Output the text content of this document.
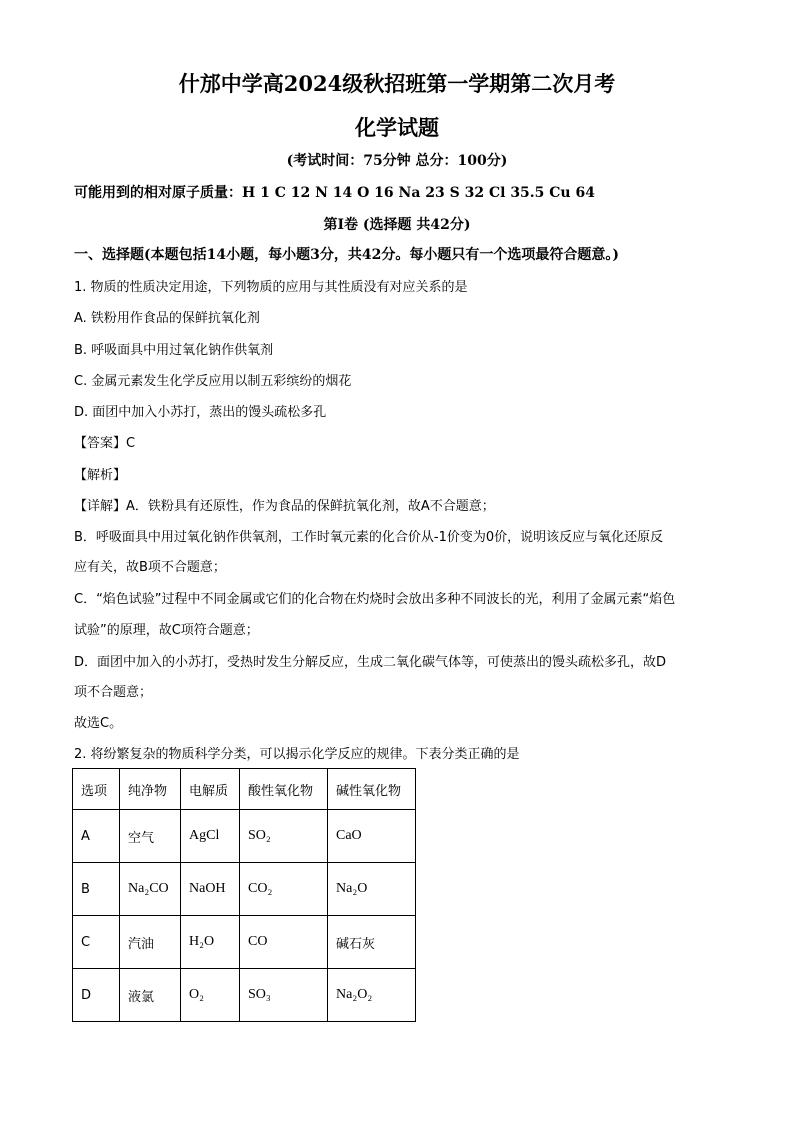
什邡中学高2024级秋招班第一学期第二次月考
化学试题
(考试时间：75分钟 总分：100分)
可能用到的相对原子质量：H 1 C 12 N 14 O 16 Na 23 S 32 Cl 35.5 Cu 64
第Ⅰ卷 (选择题 共42分)
一、选择题(本题包括14小题，每小题3分，共42分。每小题只有一个选项最符合题意。)
1. 物质的性质决定用途，下列物质的应用与其性质没有对应关系的是
A. 铁粉用作食品的保鲜抗氧化剂
B. 呼吸面具中用过氧化钠作供氧剂
C. 金属元素发生化学反应用以制五彩缤纷的烟花
D. 面团中加入小苏打，蒸出的馒头疏松多孔
【答案】C
【解析】
【详解】A．铁粉具有还原性，作为食品的保鲜抗氧化剂，故A不合题意；
B．呼吸面具中用过氧化钠作供氧剂，工作时氧元素的化合价从-1价变为0价，说明该反应与氧化还原反
应有关，故B项不合题意；
C．“焰色试验”过程中不同金属或它们的化合物在灼烧时会放出多种不同波长的光，利用了金属元素“焰色
试验”的原理，故C项符合题意；
D．面团中加入的小苏打，受热时发生分解反应，生成二氧化碳气体等，可使蒸出的馒头疏松多孔，故D
项不合题意；
故选C。
2. 将纷繁复杂的物质科学分类，可以揭示化学反应的规律。下表分类正确的是
选项	纯净物	电解质	酸性氧化物	碱性氧化物
A	空气	AgCl	SO₂	CaO
B	Na₂CO	NaOH	CO₂	Na₂O
C	汽油	H₂O	CO	碱石灰
D	液氯	O₂	SO₃	Na₂O₂
